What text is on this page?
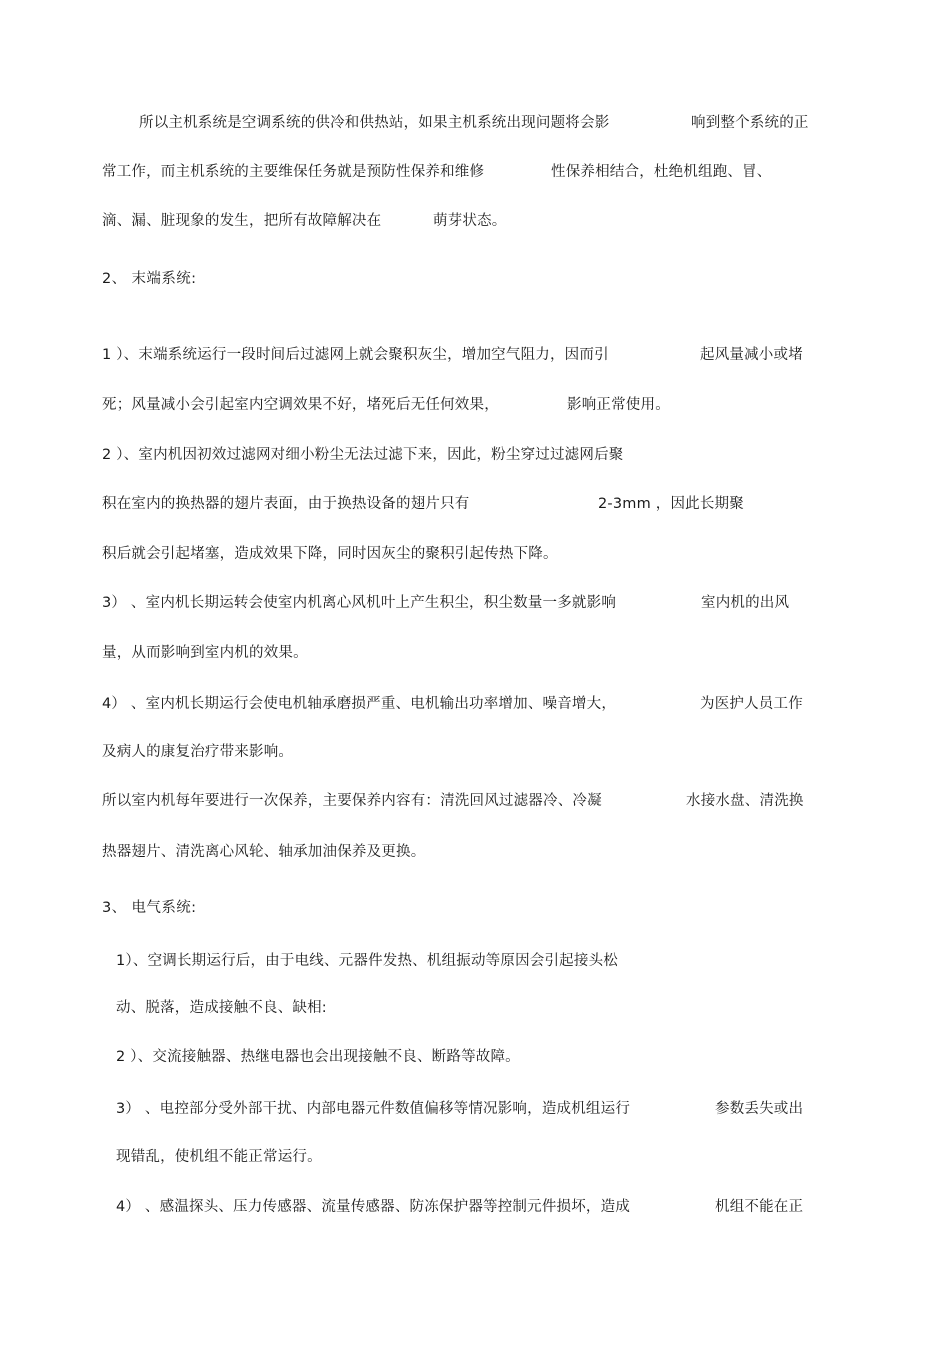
所以主机系统是空调系统的供冷和供热站，如果主机系统出现问题将会影	响到整个系统的正
常工作，而主机系统的主要维保任务就是预防性保养和维修	性保养相结合，杜绝机组跑、冒、
滴、漏、脏现象的发生，把所有故障解决在	萌芽状态。
2、 末端系统:
1 ）、末端系统运行一段时间后过滤网上就会聚积灰尘，增加空气阻力，因而引	起风量减小或堵
死；风量减小会引起室内空调效果不好，堵死后无任何效果，	影响正常使用。
2 ）、室内机因初效过滤网对细小粉尘无法过滤下来，因此，粉尘穿过过滤网后聚
积在室内的换热器的翅片表面，由于换热设备的翅片只有	2-3mm ，因此长期聚
积后就会引起堵塞，造成效果下降，同时因灰尘的聚积引起传热下降。
3） 、室内机长期运转会使室内机离心风机叶上产生积尘，积尘数量一多就影响	室内机的出风
量，从而影响到室内机的效果。
4） 、室内机长期运行会使电机轴承磨损严重、电机输出功率增加、噪音增大，	为医护人员工作
及病人的康复治疗带来影响。
所以室内机每年要进行一次保养，主要保养内容有：清洗回风过滤器冷、冷凝	水接水盘、清洗换
热器翅片、清洗离心风轮、轴承加油保养及更换。
3、 电气系统:
1）、空调长期运行后，由于电线、元器件发热、机组振动等原因会引起接头松
动、脱落，造成接触不良、缺相:
2 ）、交流接触器、热继电器也会出现接触不良、断路等故障。
3） 、电控部分受外部干扰、内部电器元件数值偏移等情况影响，造成机组运行	参数丢失或出
现错乱，使机组不能正常运行。
4） 、感温探头、压力传感器、流量传感器、防冻保护器等控制元件损坏，造成	机组不能在正
